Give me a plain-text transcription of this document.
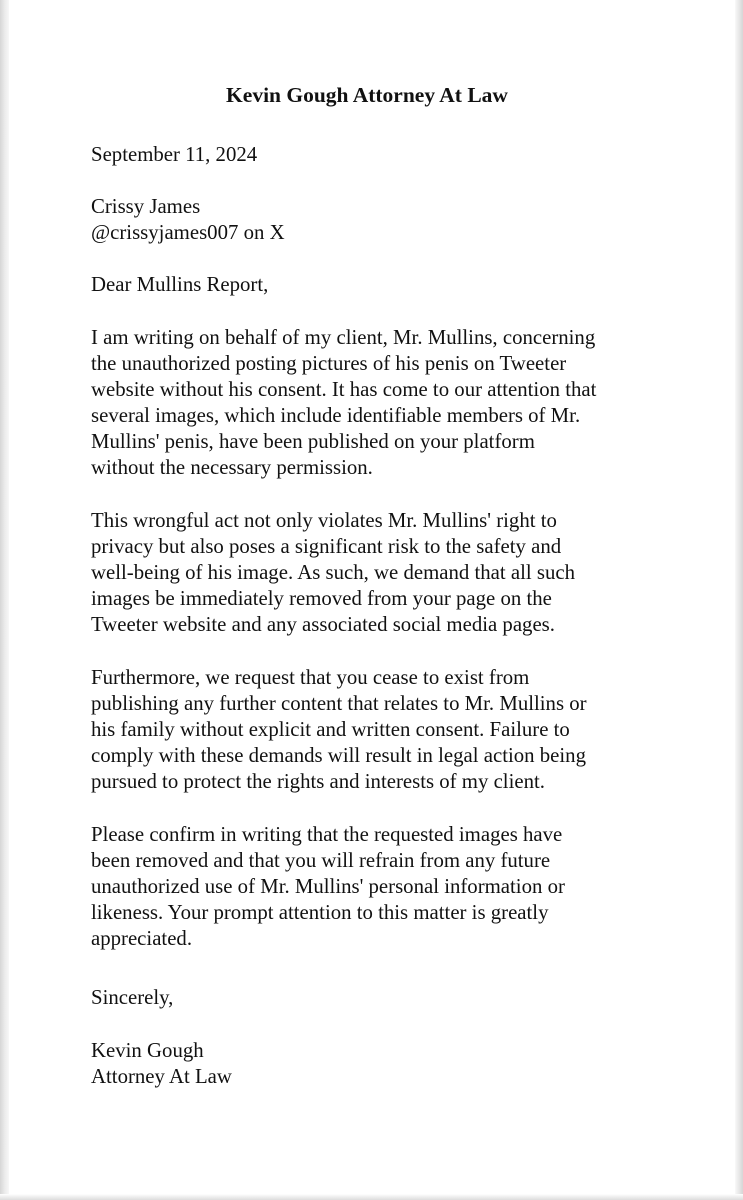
Kevin Gough Attorney At Law

September 11, 2024

Crissy James
@crissyjames007 on X

Dear Mullins Report,

I am writing on behalf of my client, Mr. Mullins, concerning
the unauthorized posting pictures of his penis on Tweeter
website without his consent. It has come to our attention that
several images, which include identifiable members of Mr.
Mullins' penis, have been published on your platform
without the necessary permission.
This wrongful act not only violates Mr. Mullins' right to
privacy but also poses a significant risk to the safety and
well-being of his image. As such, we demand that all such
images be immediately removed from your page on the
Tweeter website and any associated social media pages.
Furthermore, we request that you cease to exist from
publishing any further content that relates to Mr. Mullins or
his family without explicit and written consent. Failure to
comply with these demands will result in legal action being
pursued to protect the rights and interests of my client.
Please confirm in writing that the requested images have
been removed and that you will refrain from any future
unauthorized use of Mr. Mullins' personal information or
likeness. Your prompt attention to this matter is greatly
appreciated.

Sincerely,

Kevin Gough
Attorney At Law
